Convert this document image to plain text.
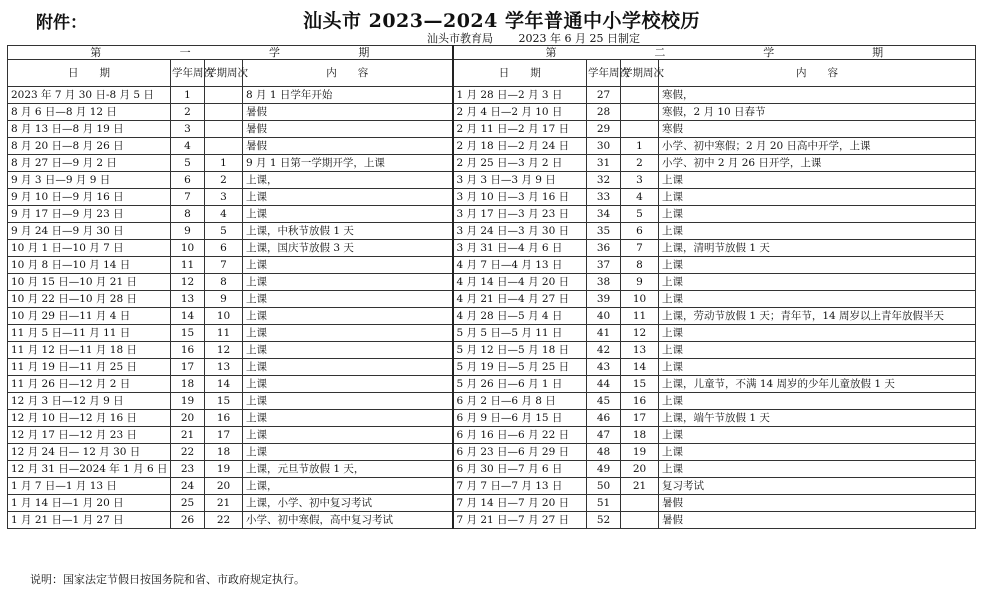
附件：	汕头市 2023—2024 学年普通中小学校校历
汕头市教育局 2023 年 6 月 25 日制定
第 一 学 期				第 二 学 期			

日　　期	学年周次	学期周次	内　　容	日　　期	学年周次	学期周次	内　　容
2023 年 7 月 30 日-8 月 5 日	1		8 月 1 日学年开始	1 月 28 日—2 月 3 日	27		寒假，
8 月 6 日—8 月 12 日	2		暑假	2 月 4 日—2 月 10 日	28		寒假，2 月 10 日春节
8 月 13 日—8 月 19 日	3		暑假	2 月 11 日—2 月 17 日	29		寒假
8 月 20 日—8 月 26 日	4		暑假	2 月 18 日—2 月 24 日	30	1	小学、初中寒假；2 月 20 日高中开学，上课
8 月 27 日—9 月 2 日	5	1	9 月 1 日第一学期开学，上课	2 月 25 日—3 月 2 日	31	2	小学、初中 2 月 26 日开学，上课
9 月 3 日—9 月 9 日	6	2	上课，	3 月 3 日—3 月 9 日	32	3	上课
9 月 10 日—9 月 16 日	7	3	上课	3 月 10 日—3 月 16 日	33	4	上课
9 月 17 日—9 月 23 日	8	4	上课	3 月 17 日—3 月 23 日	34	5	上课
9 月 24 日—9 月 30 日	9	5	上课，中秋节放假 1 天	3 月 24 日—3 月 30 日	35	6	上课
10 月 1 日—10 月 7 日	10	6	上课，国庆节放假 3 天	3 月 31 日—4 月 6 日	36	7	上课，清明节放假 1 天
10 月 8 日—10 月 14 日	11	7	上课	4 月 7 日—4 月 13 日	37	8	上课
10 月 15 日—10 月 21 日	12	8	上课	4 月 14 日—4 月 20 日	38	9	上课
10 月 22 日—10 月 28 日	13	9	上课	4 月 21 日—4 月 27 日	39	10	上课
10 月 29 日—11 月 4 日	14	10	上课	4 月 28 日—5 月 4 日	40	11	上课，劳动节放假 1 天；青年节，14 周岁以上青年放假半天
11 月 5 日—11 月 11 日	15	11	上课	5 月 5 日—5 月 11 日	41	12	上课
11 月 12 日—11 月 18 日	16	12	上课	5 月 12 日—5 月 18 日	42	13	上课
11 月 19 日—11 月 25 日	17	13	上课	5 月 19 日—5 月 25 日	43	14	上课
11 月 26 日—12 月 2 日	18	14	上课	5 月 26 日—6 月 1 日	44	15	上课，儿童节，不满 14 周岁的少年儿童放假 1 天
12 月 3 日—12 月 9 日	19	15	上课	6 月 2 日—6 月 8 日	45	16	上课
12 月 10 日—12 月 16 日	20	16	上课	6 月 9 日—6 月 15 日	46	17	上课，端午节放假 1 天
12 月 17 日—12 月 23 日	21	17	上课	6 月 16 日—6 月 22 日	47	18	上课
12 月 24 日— 12 月 30 日	22	18	上课	6 月 23 日—6 月 29 日	48	19	上课
12 月 31 日—2024 年 1 月 6 日	23	19	上课，元旦节放假 1 天，	6 月 30 日—7 月 6 日	49	20	上课
1 月 7 日—1 月 13 日	24	20	上课，	7 月 7 日—7 月 13 日	50	21	复习考试
1 月 14 日—1 月 20 日	25	21	上课，小学、初中复习考试	7 月 14 日—7 月 20 日	51		暑假
1 月 21 日—1 月 27 日	26	22	小学、初中寒假，高中复习考试	7 月 21 日—7 月 27 日	52		暑假
说明：国家法定节假日按国务院和省、市政府规定执行。
